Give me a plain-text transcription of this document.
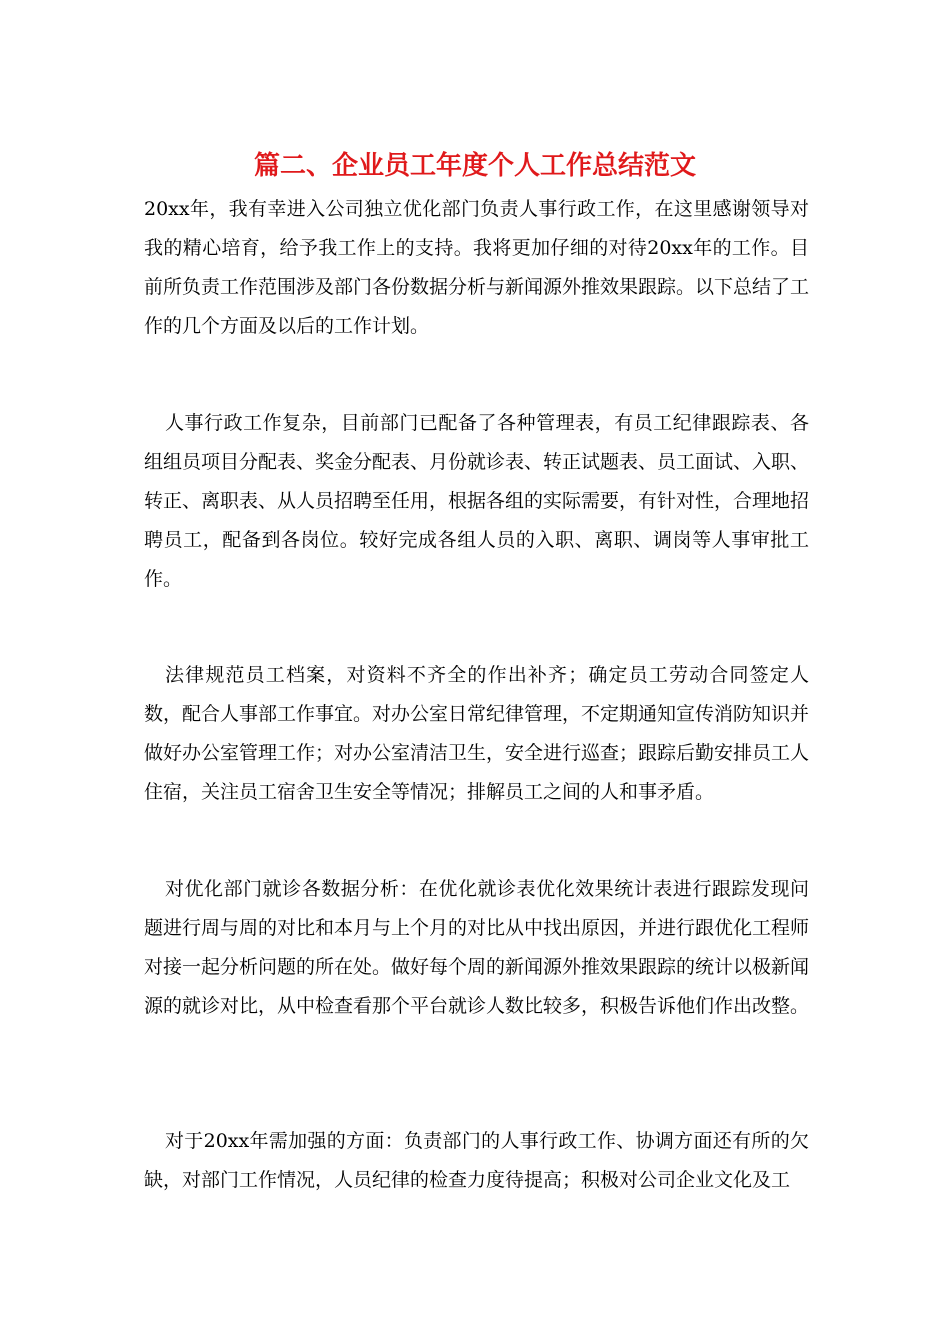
篇二、企业员工年度个人工作总结范文

20xx年，我有幸进入公司独立优化部门负责人事行政工作，在这里感谢领导对我的精心培育，给予我工作上的支持。我将更加仔细的对待20xx年的工作。目前所负责工作范围涉及部门各份数据分析与新闻源外推效果跟踪。以下总结了工作的几个方面及以后的工作计划。

人事行政工作复杂，目前部门已配备了各种管理表，有员工纪律跟踪表、各组组员项目分配表、奖金分配表、月份就诊表、转正试题表、员工面试、入职、转正、离职表、从人员招聘至任用，根据各组的实际需要，有针对性，合理地招聘员工，配备到各岗位。较好完成各组人员的入职、离职、调岗等人事审批工作。

法律规范员工档案，对资料不齐全的作出补齐；确定员工劳动合同签定人数，配合人事部工作事宜。对办公室日常纪律管理，不定期通知宣传消防知识并做好办公室管理工作；对办公室清洁卫生，安全进行巡查；跟踪后勤安排员工人住宿，关注员工宿舍卫生安全等情况；排解员工之间的人和事矛盾。

对优化部门就诊各数据分析：在优化就诊表优化效果统计表进行跟踪发现问题进行周与周的对比和本月与上个月的对比从中找出原因，并进行跟优化工程师对接一起分析问题的所在处。做好每个周的新闻源外推效果跟踪的统计以极新闻源的就诊对比，从中检查看那个平台就诊人数比较多，积极告诉他们作出改整。

对于20xx年需加强的方面：负责部门的人事行政工作、协调方面还有所的欠缺，对部门工作情况，人员纪律的检查力度待提高；积极对公司企业文化及工
